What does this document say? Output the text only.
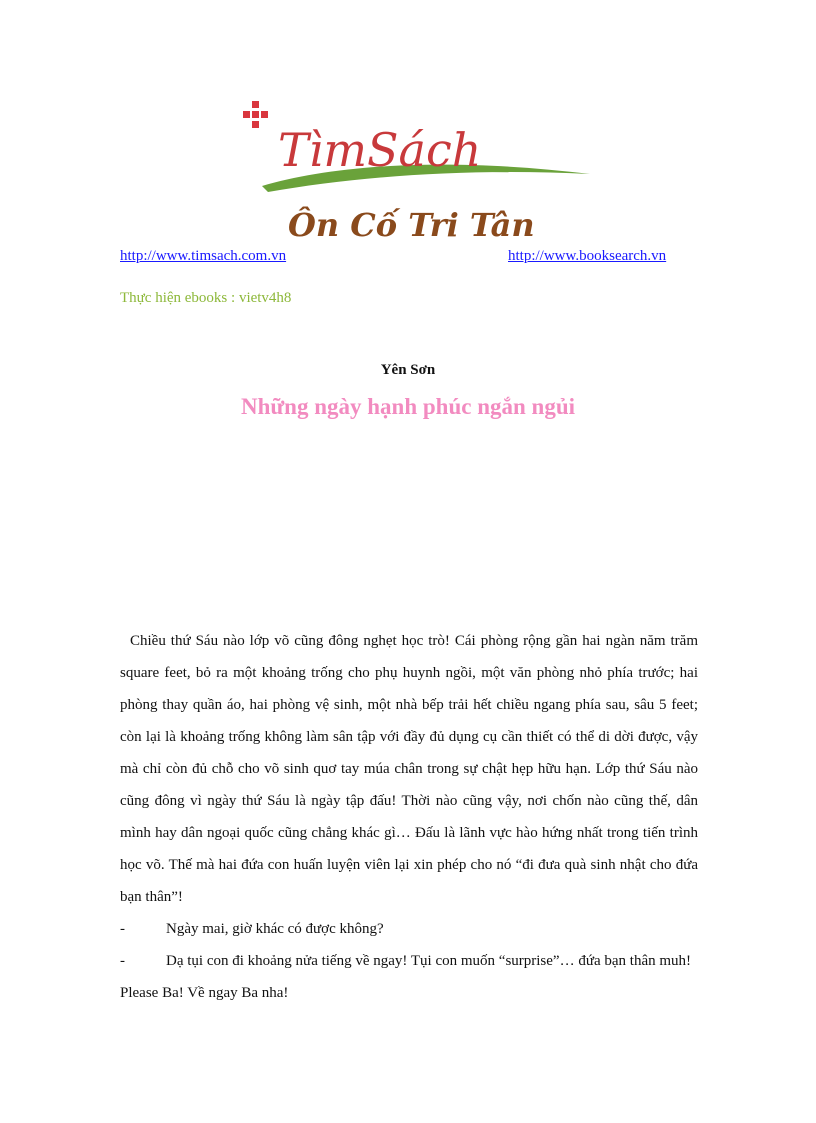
TìmSách
Ôn Cố Tri Tân
http://www.timsach.com.vn	http://www.booksearch.vn
Thực hiện ebooks : vietv4h8
Yên Sơn
Những ngày hạnh phúc ngắn ngủi

Chiều thứ Sáu nào lớp võ cũng đông nghẹt học trò! Cái phòng rộng gần hai ngàn năm trăm square feet, bỏ ra một khoảng trống cho phụ huynh ngồi, một văn phòng nhỏ phía trước; hai phòng thay quần áo, hai phòng vệ sinh, một nhà bếp trải hết chiều ngang phía sau, sâu 5 feet; còn lại là khoảng trống không làm sân tập với đầy đủ dụng cụ cần thiết có thể di dời được, vậy mà chỉ còn đủ chỗ cho võ sinh quơ tay múa chân trong sự chật hẹp hữu hạn. Lớp thứ Sáu nào cũng đông vì ngày thứ Sáu là ngày tập đấu! Thời nào cũng vậy, nơi chốn nào cũng thế, dân mình hay dân ngoại quốc cũng chẳng khác gì… Đấu là lãnh vực hào hứng nhất trong tiến trình học võ. Thế mà hai đứa con huấn luyện viên lại xin phép cho nó “đi đưa quà sinh nhật cho đứa bạn thân”!

-	Ngày mai, giờ khác có được không?

-	Dạ tụi con đi khoảng nửa tiếng về ngay! Tụi con muốn “surprise”… đứa bạn thân muh! Please Ba! Về ngay Ba nha!
